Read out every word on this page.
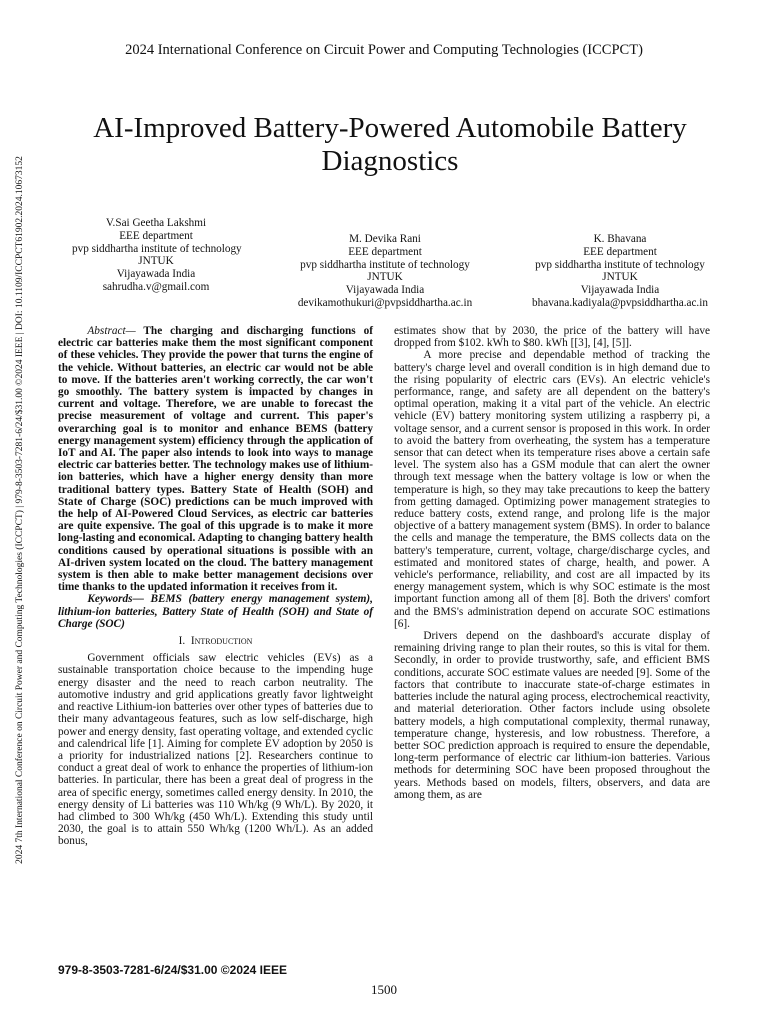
2024 International Conference on Circuit Power and Computing Technologies (ICCPCT)
AI-Improved Battery-Powered Automobile Battery Diagnostics
2024 7th International Conference on Circuit Power and Computing Technologies (ICCPCT) | 979-8-3503-7281-6/24/$31.00 ©2024 IEEE | DOI: 10.1109/ICCPCT61902.2024.10673152	V.Sai Geetha Lakshmi
EEE department
pvp siddhartha institute of technology
JNTUK
Vijayawada India
sahrudha.v@gmail.com
M. Devika Rani
EEE department
pvp siddhartha institute of technology
JNTUK
Vijayawada India
devikamothukuri@pvpsiddhartha.ac.in
K. Bhavana
EEE department
pvp siddhartha institute of technology
JNTUK
Vijayawada India
bhavana.kadiyala@pvpsiddhartha.ac.in

Abstract— The charging and discharging functions of electric car batteries make them the most significant component of these vehicles. They provide the power that turns the engine of the vehicle. Without batteries, an electric car would not be able to move. If the batteries aren't working correctly, the car won't go smoothly. The battery system is impacted by changes in current and voltage. Therefore, we are unable to forecast the precise measurement of voltage and current. This paper's overarching goal is to monitor and enhance BEMS (battery energy management system) efficiency through the application of IoT and AI. The paper also intends to look into ways to manage electric car batteries better. The technology makes use of lithium-ion batteries, which have a higher energy density than more traditional battery types. Battery State of Health (SOH) and State of Charge (SOC) predictions can be much improved with the help of AI-Powered Cloud Services, as electric car batteries are quite expensive. The goal of this upgrade is to make it more long-lasting and economical. Adapting to changing battery health conditions caused by operational situations is possible with an AI-driven system located on the cloud. The battery management system is then able to make better management decisions over time thanks to the updated information it receives from it.

Keywords— BEMS (battery energy management system), lithium-ion batteries, Battery State of Health (SOH) and State of Charge (SOC)

I. Introduction

Government officials saw electric vehicles (EVs) as a sustainable transportation choice because to the impending huge energy disaster and the need to reach carbon neutrality. The automotive industry and grid applications greatly favor lightweight and reactive Lithium-ion batteries over other types of batteries due to their many advantageous features, such as low self-discharge, high power and energy density, fast operating voltage, and extended cyclic and calendrical life [1]. Aiming for complete EV adoption by 2050 is a priority for industrialized nations [2]. Researchers continue to conduct a great deal of work to enhance the properties of lithium-ion batteries. In particular, there has been a great deal of progress in the area of specific energy, sometimes called energy density. In 2010, the energy density of Li batteries was 110 Wh/kg (9 Wh/L). By 2020, it had climbed to 300 Wh/kg (450 Wh/L). Extending this study until 2030, the goal is to attain 550 Wh/kg (1200 Wh/L). As an added bonus,

estimates show that by 2030, the price of the battery will have dropped from $102. kWh to $80. kWh [[3], [4], [5]].

A more precise and dependable method of tracking the battery's charge level and overall condition is in high demand due to the rising popularity of electric cars (EVs). An electric vehicle's performance, range, and safety are all dependent on the battery's optimal operation, making it a vital part of the vehicle. An electric vehicle (EV) battery monitoring system utilizing a raspberry pi, a voltage sensor, and a current sensor is proposed in this work. In order to avoid the battery from overheating, the system has a temperature sensor that can detect when its temperature rises above a certain safe level. The system also has a GSM module that can alert the owner through text message when the battery voltage is low or when the temperature is high, so they may take precautions to keep the battery from getting damaged. Optimizing power management strategies to reduce battery costs, extend range, and prolong life is the major objective of a battery management system (BMS). In order to balance the cells and manage the temperature, the BMS collects data on the battery's temperature, current, voltage, charge/discharge cycles, and estimated and monitored states of charge, health, and power. A vehicle's performance, reliability, and cost are all impacted by its energy management system, which is why SOC estimate is the most important function among all of them [8]. Both the drivers' comfort and the BMS's administration depend on accurate SOC estimations [6].

Drivers depend on the dashboard's accurate display of remaining driving range to plan their routes, so this is vital for them. Secondly, in order to provide trustworthy, safe, and efficient BMS conditions, accurate SOC estimate values are needed [9]. Some of the factors that contribute to inaccurate state-of-charge estimates in batteries include the natural aging process, electrochemical reactivity, and material deterioration. Other factors include using obsolete battery models, a high computational complexity, thermal runaway, temperature change, hysteresis, and low robustness. Therefore, a better SOC prediction approach is required to ensure the dependable, long-term performance of electric car lithium-ion batteries. Various methods for determining SOC have been proposed throughout the years. Methods based on models, filters, observers, and data are among them, as are

979-8-3503-7281-6/24/$31.00 ©2024 IEEE
1500
